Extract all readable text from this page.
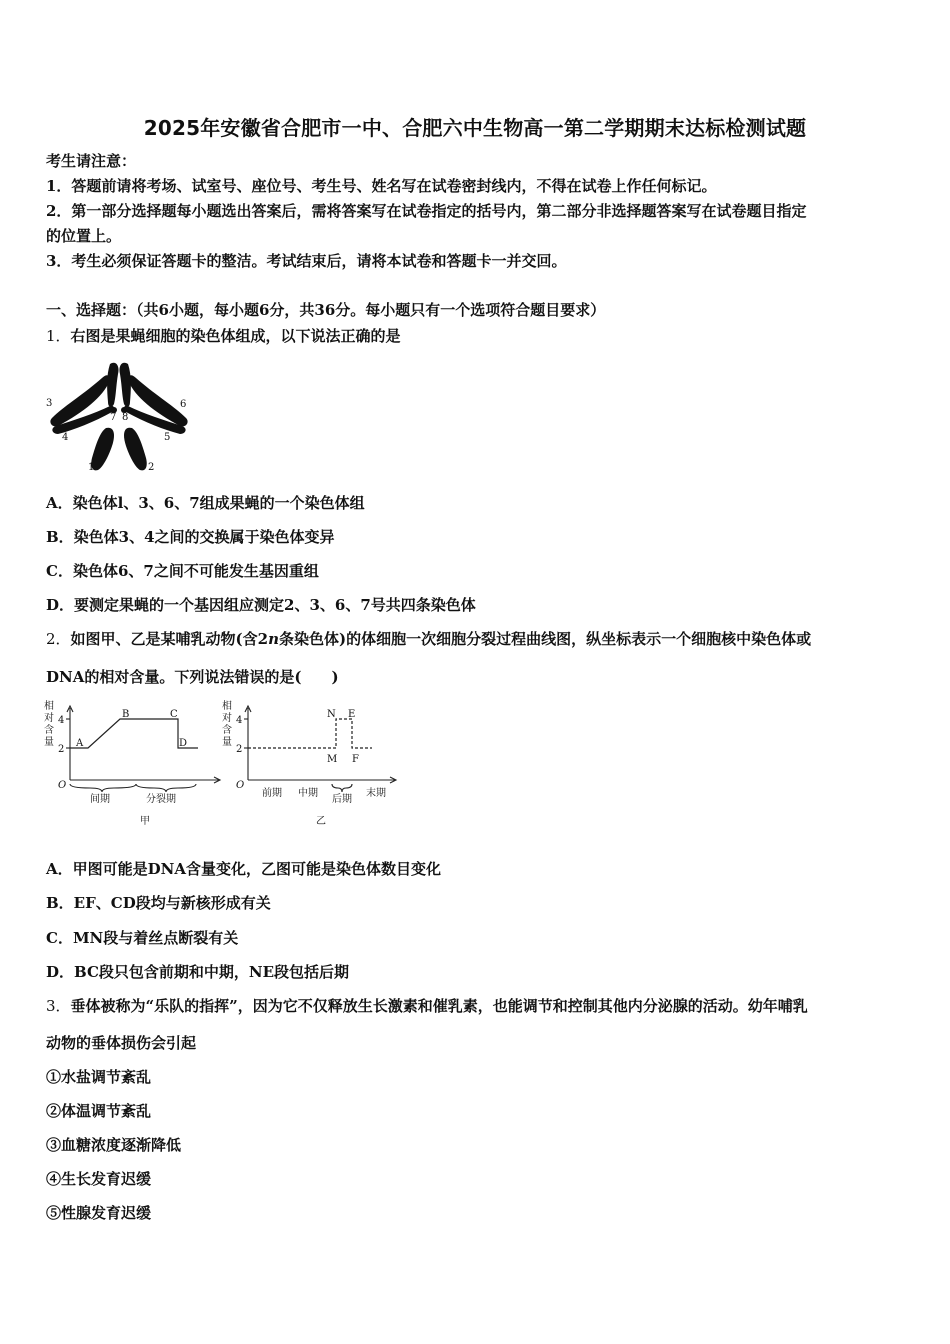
2025年安徽省合肥市一中、合肥六中生物高一第二学期期末达标检测试题
考生请注意：
1．答题前请将考场、试室号、座位号、考生号、姓名写在试卷密封线内，不得在试卷上作任何标记。
2．第一部分选择题每小题选出答案后，需将答案写在试卷指定的括号内，第二部分非选择题答案写在试卷题目指定
的位置上。
3．考生必须保证答题卡的整洁。考试结束后，请将本试卷和答题卡一并交回。
一、选择题：（共6小题，每小题6分，共36分。每小题只有一个选项符合题目要求）
1．右图是果蝇细胞的染色体组成，以下说法正确的是
3	6
7 8
4	5
1	2
A．染色体l、3、6、7组成果蝇的一个染色体组
B．染色体3、4之间的交换属于染色体变异
C．染色体6、7之间不可能发生基因重组
D．要测定果蝇的一个基因组应测定2、3、6、7号共四条染色体
2．如图甲、乙是某哺乳动物(含2n条染色体)的体细胞一次细胞分裂过程曲线图，纵坐标表示一个细胞核中染色体或
DNA的相对含量。下列说法错误的是(　　)
相
对
含
量
4
2
O
A
B	C
D
间期	分裂期
甲
相
对
含
量
4
2
O
N E
M F
前期 中期
后期
末期
乙
A．甲图可能是DNA含量变化，乙图可能是染色体数目变化
B．EF、CD段均与新核形成有关
C．MN段与着丝点断裂有关
D．BC段只包含前期和中期，NE段包括后期
3．垂体被称为“乐队的指挥”，因为它不仅释放生长激素和催乳素，也能调节和控制其他内分泌腺的活动。幼年哺乳
动物的垂体损伤会引起
①水盐调节紊乱
②体温调节紊乱
③血糖浓度逐渐降低
④生长发育迟缓
⑤性腺发育迟缓
